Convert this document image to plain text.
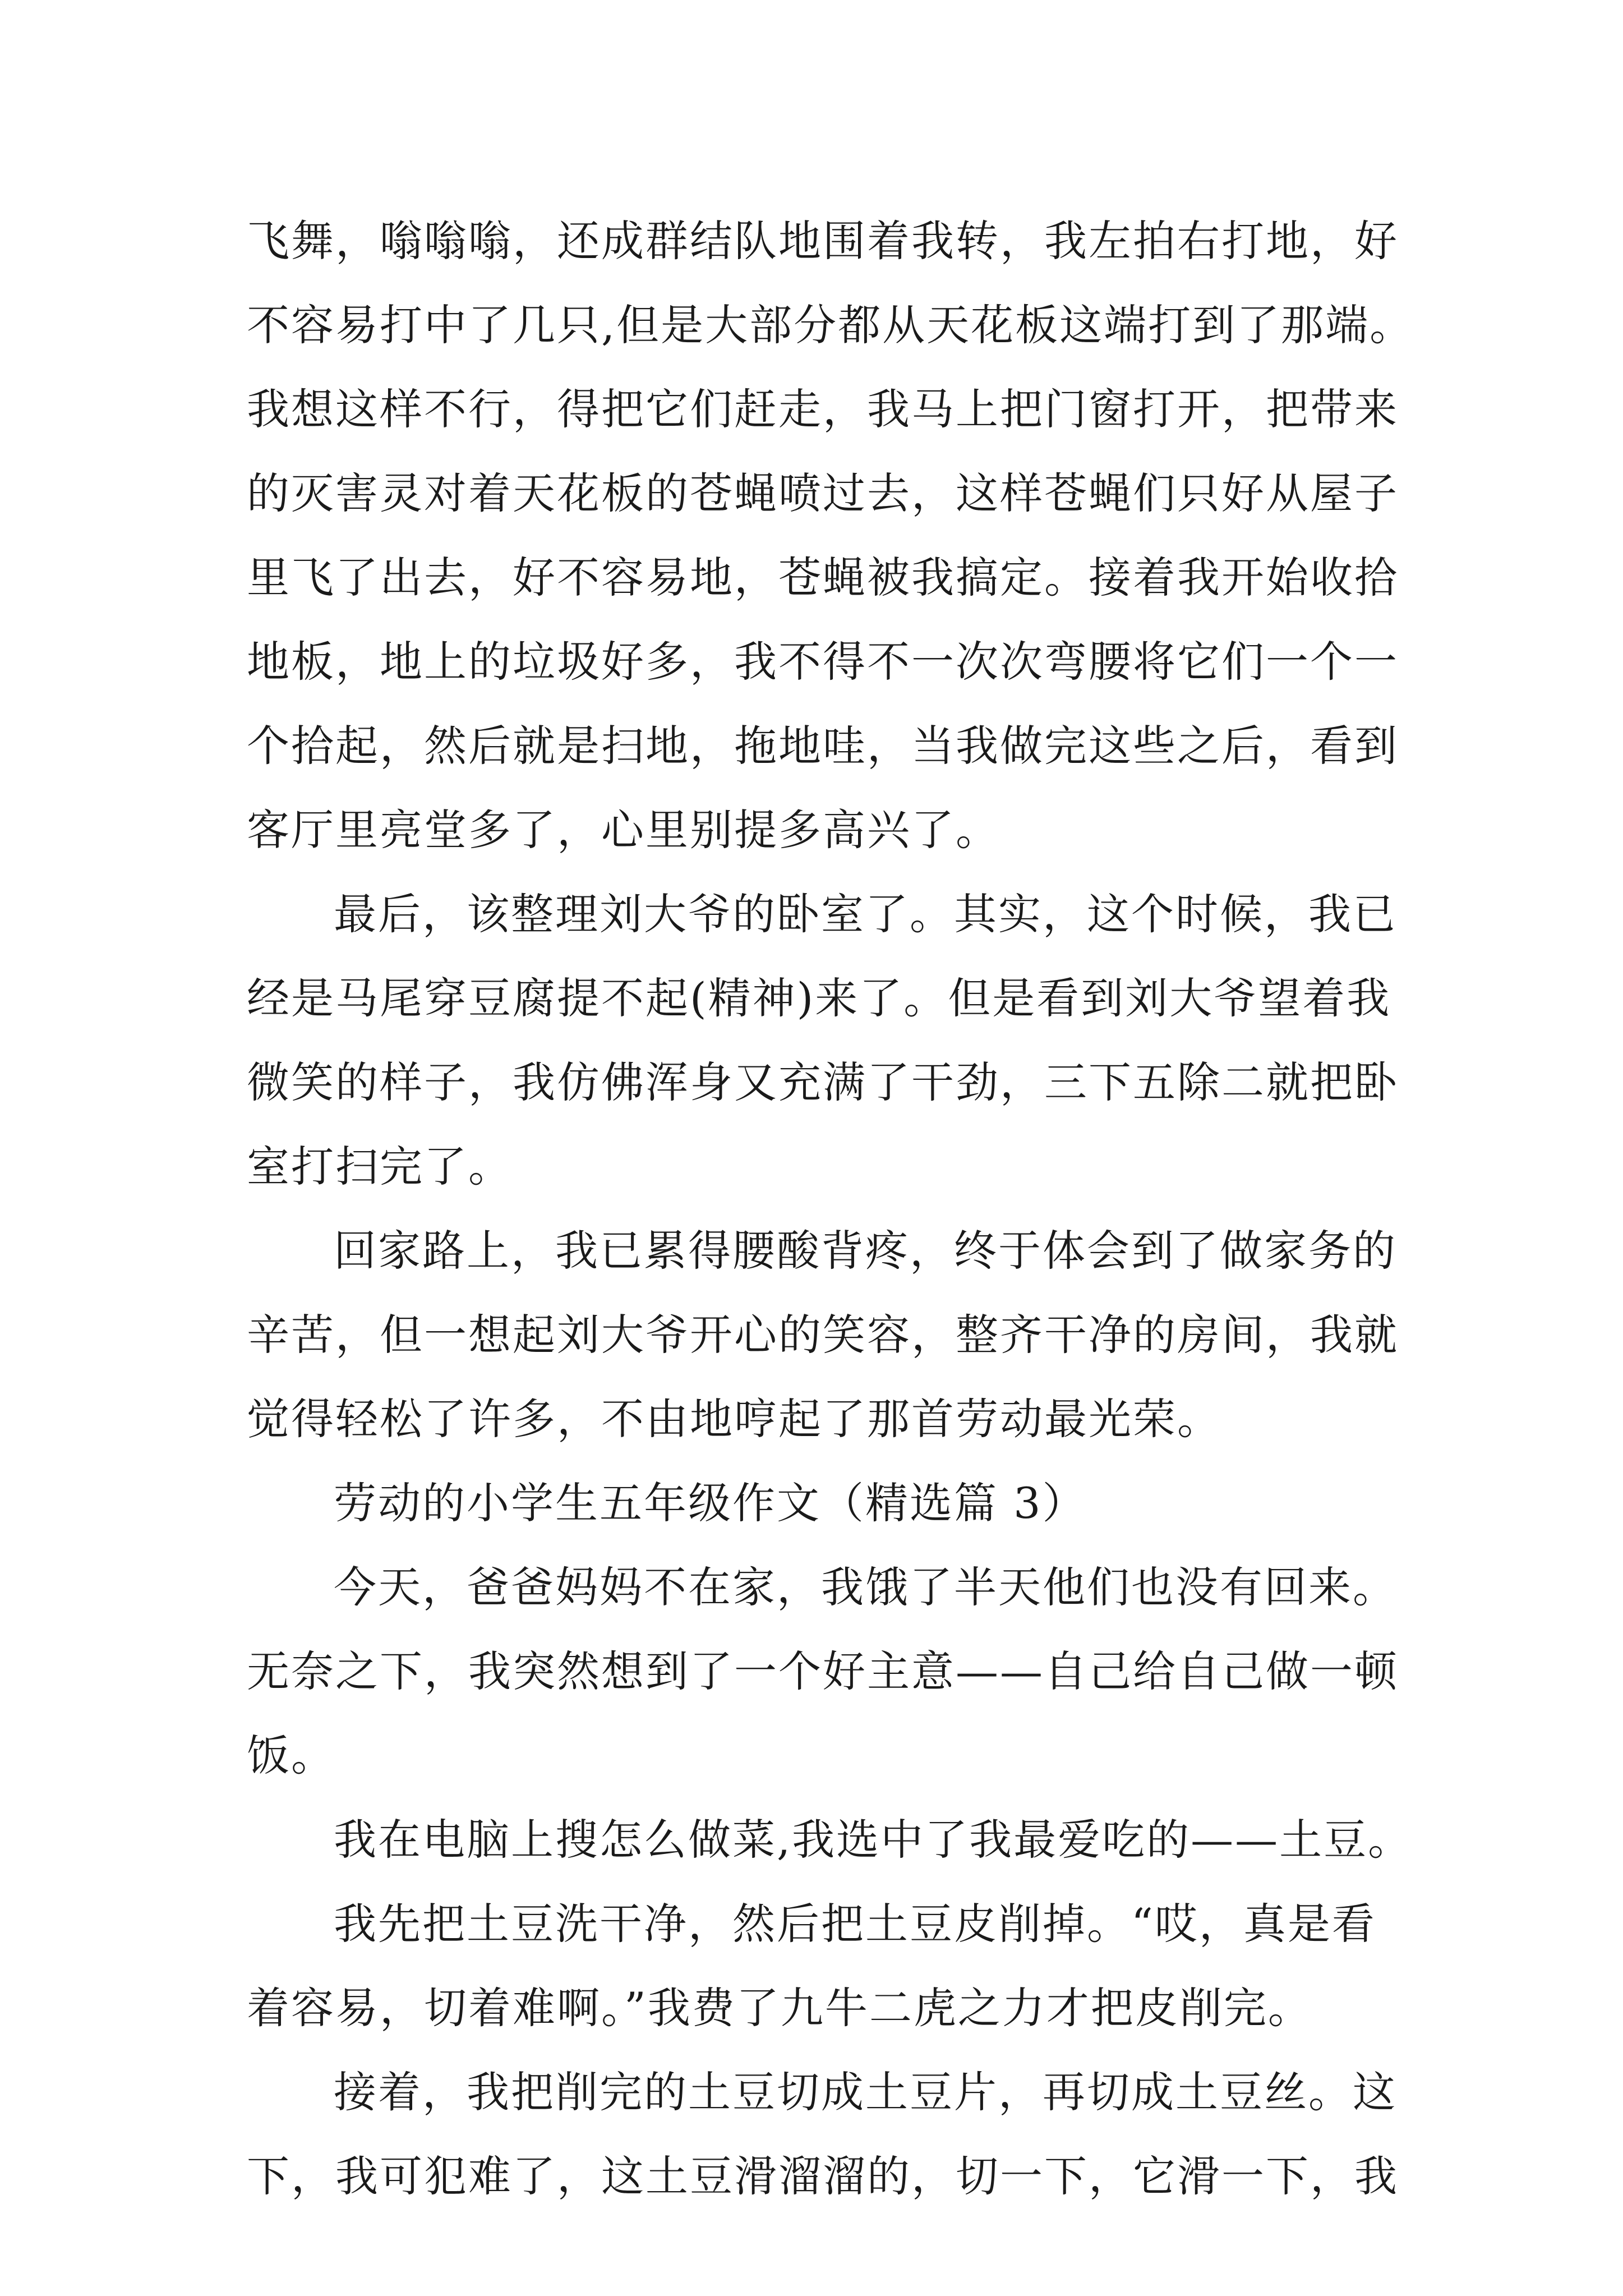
飞舞，嗡嗡嗡，还成群结队地围着我转，我左拍右打地，好
不容易打中了几只,但是大部分都从天花板这端打到了那端。
我想这样不行，得把它们赶走，我马上把门窗打开，把带来
的灭害灵对着天花板的苍蝇喷过去，这样苍蝇们只好从屋子
里飞了出去，好不容易地，苍蝇被我搞定。接着我开始收拾
地板，地上的垃圾好多，我不得不一次次弯腰将它们一个一
个拾起，然后就是扫地，拖地哇，当我做完这些之后，看到
客厅里亮堂多了，心里别提多高兴了。
最后，该整理刘大爷的卧室了。其实，这个时候，我已
经是马尾穿豆腐提不起(精神)来了。但是看到刘大爷望着我
微笑的样子，我仿佛浑身又充满了干劲，三下五除二就把卧
室打扫完了。
回家路上，我已累得腰酸背疼，终于体会到了做家务的
辛苦，但一想起刘大爷开心的笑容，整齐干净的房间，我就
觉得轻松了许多，不由地哼起了那首劳动最光荣。
劳动的小学生五年级作文（精选篇 3）
今天，爸爸妈妈不在家，我饿了半天他们也没有回来。
无奈之下，我突然想到了一个好主意——自己给自己做一顿
饭。
我在电脑上搜怎么做菜,我选中了我最爱吃的——土豆。
我先把土豆洗干净，然后把土豆皮削掉。“哎，真是看
着容易，切着难啊。”我费了九牛二虎之力才把皮削完。
接着，我把削完的土豆切成土豆片，再切成土豆丝。这
下，我可犯难了，这土豆滑溜溜的，切一下，它滑一下，我
